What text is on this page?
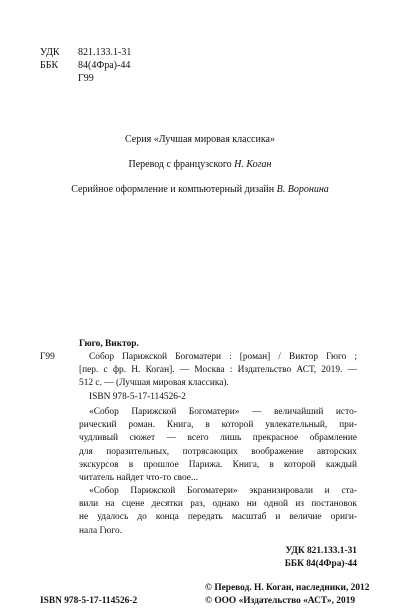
УДК 821.133.1-31
ББК 84(4Фра)-44
Г99
Серия «Лучшая мировая классика»
Перевод с французского Н. Коган
Серийное оформление и компьютерный дизайн В. Воронина
Гюго, Виктор.
Г99	Собор Парижской Богоматери : [роман] / Виктор Гюго ;
[пер. с фр. Н. Коган]. — Москва : Издательство АСТ, 2019. —
512 с. — (Лучшая мировая классика).
ISBN 978-5-17-114526-2
«Собор Парижской Богоматери» — величайший истo-
рический роман. Книга, в которой увлекательный, при-
чудливый сюжет — всего лишь прекрасное обрамление
для поразительных, потрясающих воображение авторских
экскурсов в прошлое Парижа. Книга, в которой каждый
читатель найдет что-то свое...
«Собор Парижской Богоматери» экранизировали и ста-
вили на сцене десятки раз, однако ни одной из постановок
не удалось до конца передать масштаб и величие ориги-
нала Гюго.
УДК 821.133.1-31
ББК 84(4Фра)-44
ISBN 978-5-17-114526-2
© Перевод. Н. Коган, наследники, 2012
© ООО «Издательство «АСТ», 2019
